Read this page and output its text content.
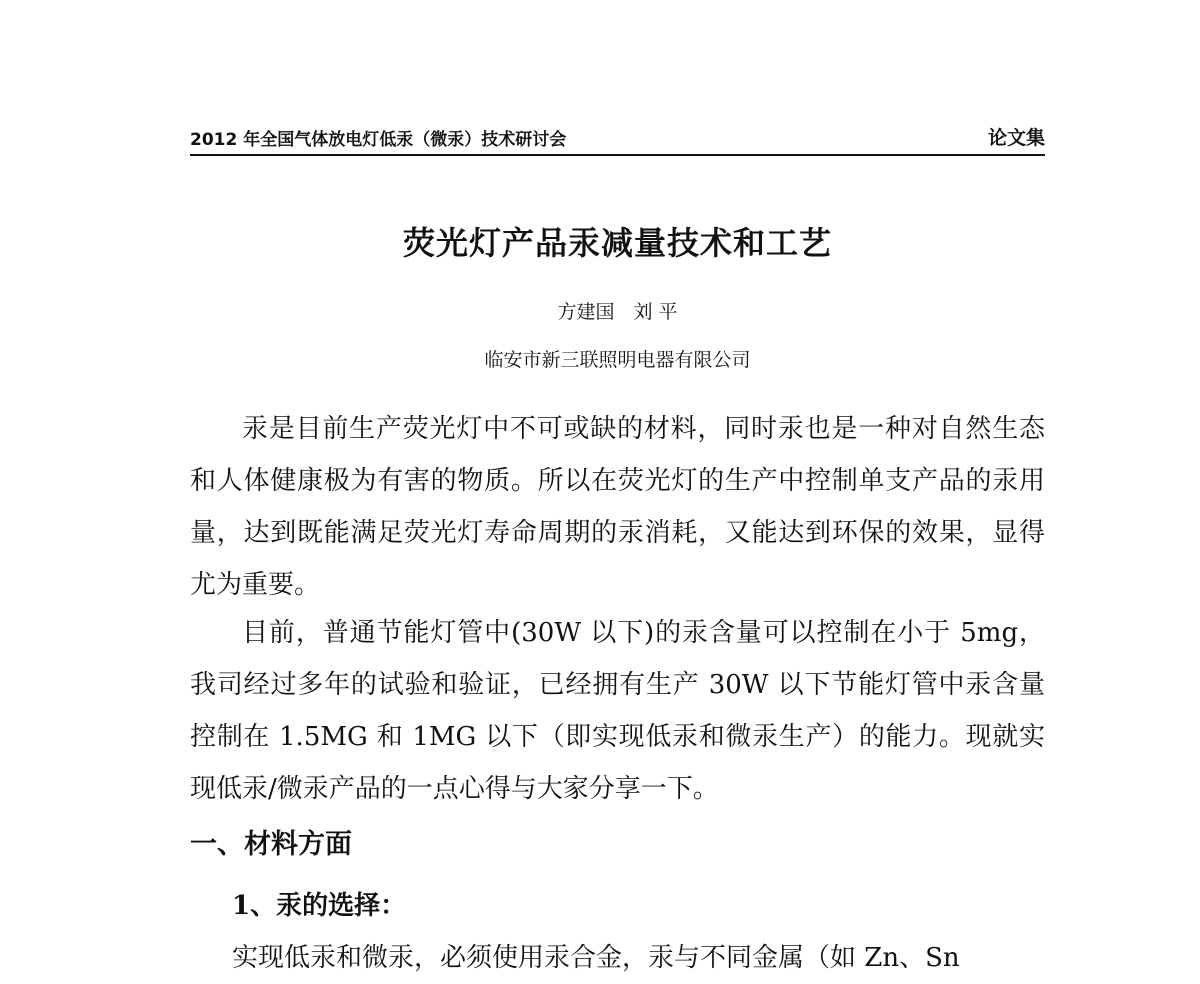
2012 年全国气体放电灯低汞（微汞）技术研讨会	论文集
荧光灯产品汞减量技术和工艺
方建国　刘 平
临安市新三联照明电器有限公司

汞是目前生产荧光灯中不可或缺的材料，同时汞也是一种对自然生态和人体健康极为有害的物质。所以在荧光灯的生产中控制单支产品的汞用量，达到既能满足荧光灯寿命周期的汞消耗，又能达到环保的效果，显得尤为重要。

目前，普通节能灯管中(30W 以下)的汞含量可以控制在小于 5mg，我司经过多年的试验和验证，已经拥有生产 30W 以下节能灯管中汞含量控制在 1.5MG 和 1MG 以下（即实现低汞和微汞生产）的能力。现就实现低汞/微汞产品的一点心得与大家分享一下。

一、材料方面
1、汞的选择：
实现低汞和微汞，必须使用汞合金，汞与不同金属（如 Zn、Sn
